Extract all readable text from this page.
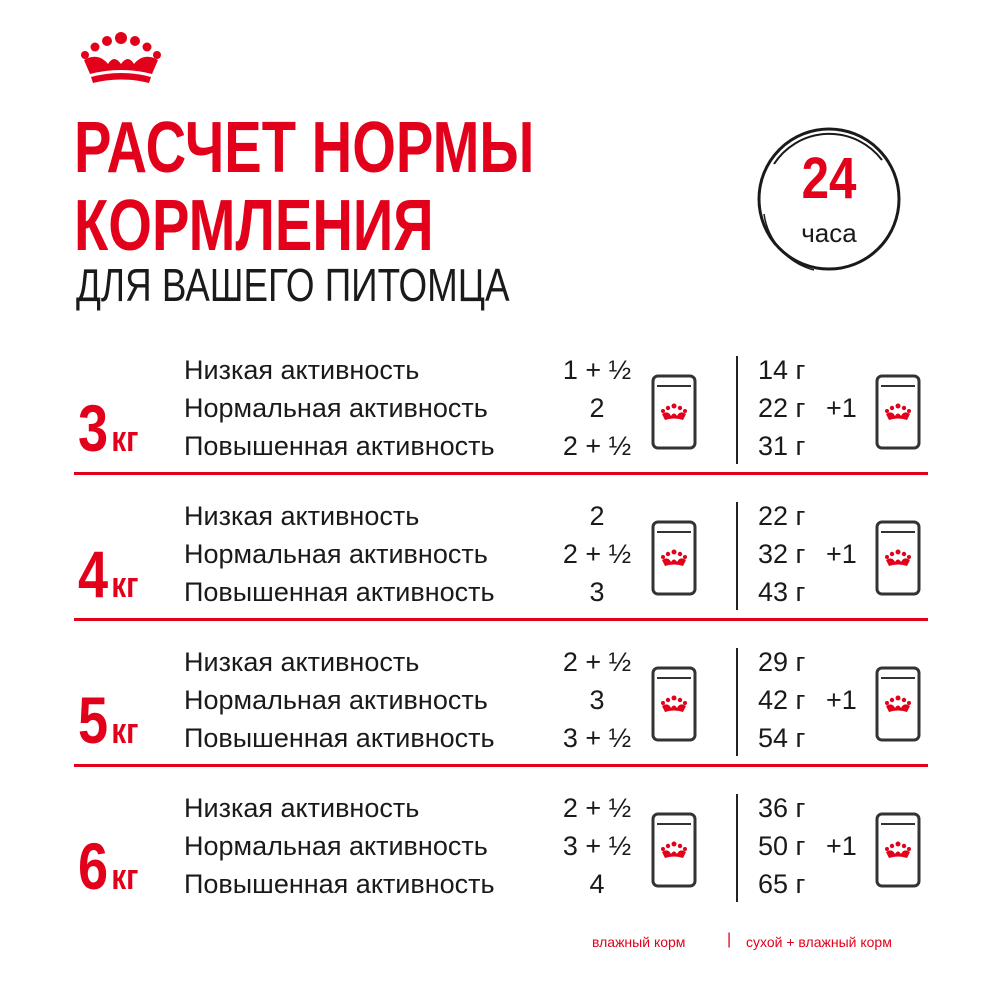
РАСЧЕТ НОРМЫ
КОРМЛЕНИЯ
ДЛЯ ВАШЕГО ПИТОМЦА
24
часа
3кг
Низкая активность
Нормальная активность
Повышенная активность
1 + ½
2
2 + ½
14 г
22 г
31 г
+1
4кг
Низкая активность
Нормальная активность
Повышенная активность
2
2 + ½
3
22 г
32 г
43 г
+1
5кг
Низкая активность
Нормальная активность
Повышенная активность
2 + ½
3
3 + ½
29 г
42 г
54 г
+1
6кг
Низкая активность
Нормальная активность
Повышенная активность
2 + ½
3 + ½
4
36 г
50 г
65 г
+1
влажный корм	| сухой + влажный корм
